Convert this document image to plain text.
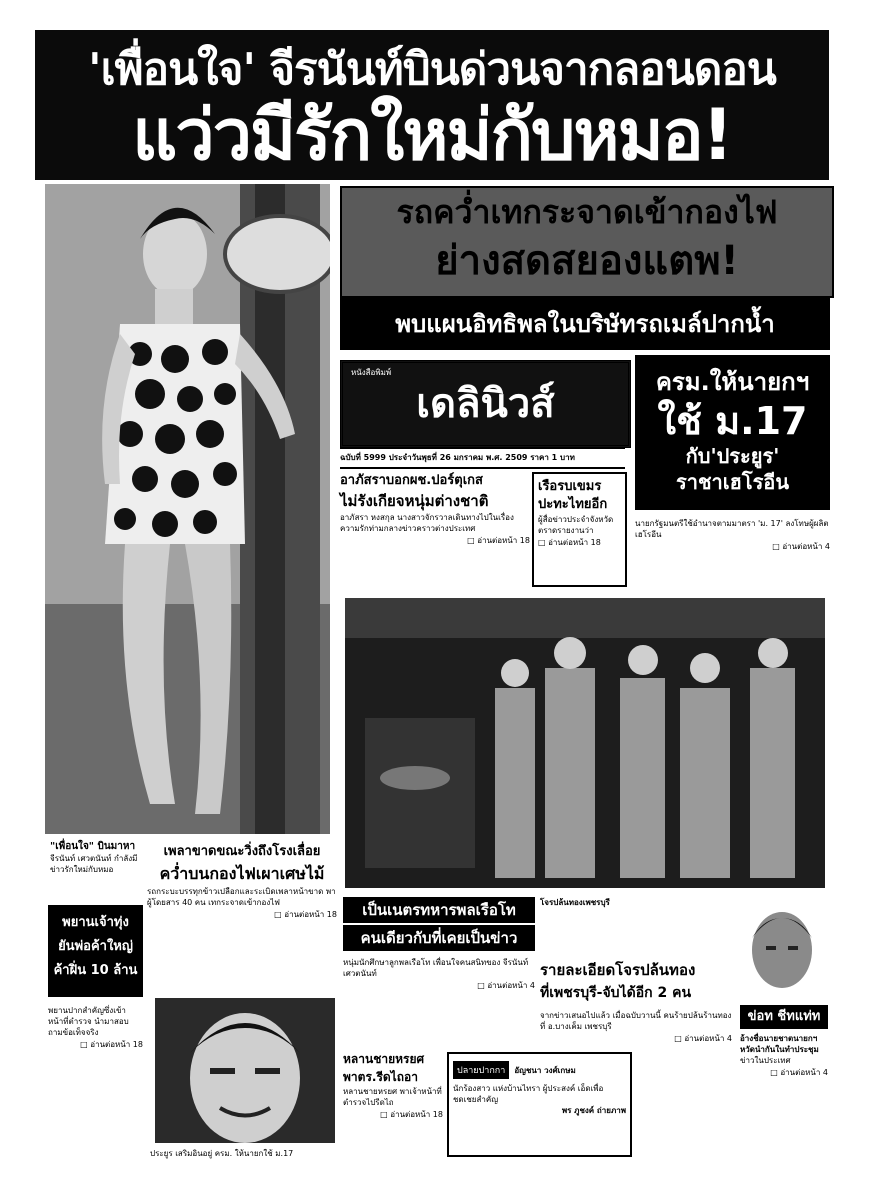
'เพื่อนใจ' จีรนันท์บินด่วนจากลอนดอน
แว่วมีรักใหม่กับหมอ!
"เพื่อนใจ" บินมาหา
จีรนันท์ เศวตนันท์ กำลังมีข่าวรักใหม่กับหมอ
รถคว่ำเทกระจาดเข้ากองไฟ
ย่างสดสยองแตพ!
พบแผนอิทธิพลในบริษัทรถเมล์ปากน้ำ
หนังสือพิมพ์
เดลินิวส์
ฉบับที่ 5999 ประจำวันพุธที่ 26 มกราคม พ.ศ. 2509 ราคา 1 บาท
ครม.ให้นายกฯ
ใช้ ม.17
กับ'ประยูร'
ราชาเฮโรอีน
นายกรัฐมนตรีใช้อำนาจตามมาตรา 'ม. 17' ลงโทษผู้ผลิตเฮโรอีน
□ อ่านต่อหน้า 4
อาภัสราบอกผช.ปอร์ตุเกส
ไม่รังเกียจหนุ่มต่างชาติ
อาภัสรา หงสกุล นางสาวจักรวาลเดินทางไปในเรื่องความรักท่ามกลางข่าวคราวต่างประเทศ
□ อ่านต่อหน้า 18
เรือรบเขมร
ปะทะไทยอีก
ผู้สื่อข่าวประจำจังหวัดตราดรายงานว่า
□ อ่านต่อหน้า 18
เพลาขาดขณะวิ่งถึงโรงเลื่อย
คว่ำบนกองไฟเผาเศษไม้
รถกระบะบรรทุกข้าวเปลือกและระเบิดเพลาหน้าขาด พาผู้โดยสาร 40 คน เทกระจาดเข้ากองไฟ
□ อ่านต่อหน้า 18
พยานเจ้าทุ่ง
ยันพ่อค้าใหญ่
ค้าฝิ่น 10 ล้าน
พยานปากสำคัญซึ่งเข้าหน้าที่ตำรวจ นำมาสอบถามข้อเท็จจริง
□ อ่านต่อหน้า 18
ประยูร เสริมอินอยู่ ครม. ให้นายกใช้ ม.17
เป็นเนตรทหารพลเรือโท
คนเดียวกับที่เคยเป็นข่าว
หนุ่มนักศึกษาลูกพลเรือโท เพื่อนใจคนสนิทของ จีรนันท์ เศวตนันท์
□ อ่านต่อหน้า 4
โจรปล้นทองเพชรบุรี
รายละเอียดโจรปล้นทอง
ที่เพชรบุรี-จับได้อีก 2 คน
จากข่าวเสนอไปแล้ว เมื่อฉบับวานนี้ คนร้ายปล้นร้านทองที่ อ.บางเค็ม เพชรบุรี
□ อ่านต่อหน้า 4
ข่อท ชีทแท่ท
อ้างชื่อนายชาตนายกฯ
หวัดนำกันในทำประชุม
ข่าวในประเทศ
□ อ่านต่อหน้า 4
หลานชายหรยศ
พาตร.รีดไถอา
หลานชายหรยศ พาเจ้าหน้าที่ตำรวจไปรีดไถ
□ อ่านต่อหน้า 18
ปลายปากกา อัญชนา วงศ์เกษม
นักร้องสาว แห่งบ้านไทรา ผู้ประสงค์ เอ็ดเพื่อชดเชยสำคัญ
พร ภูชงค์ ถ่ายภาพ
